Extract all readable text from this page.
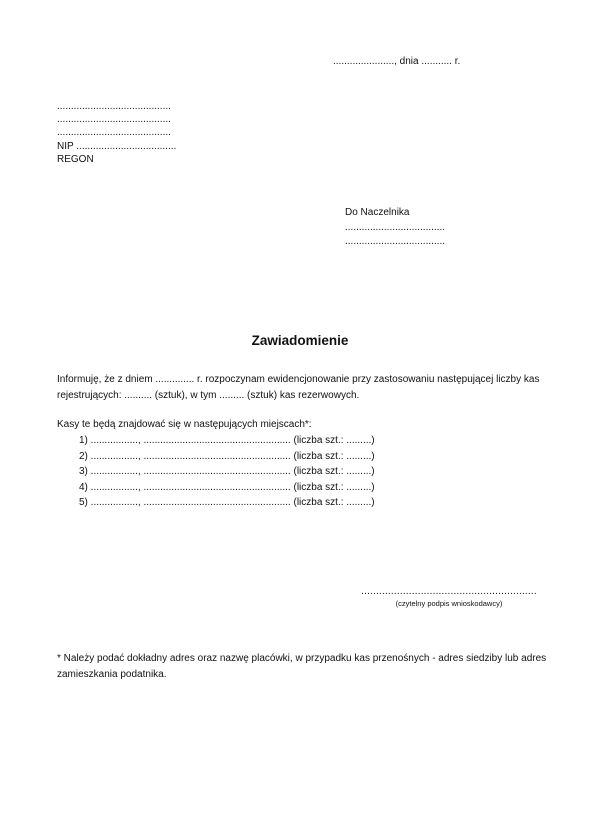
......................, dnia ........... r.
.........................................
.........................................
.........................................
NIP ....................................
REGON
Do Naczelnika
....................................
....................................
Zawiadomienie
Informuję, że z dniem .............. r. rozpoczynam ewidencjonowanie przy zastosowaniu następującej liczby kas
rejestrujących: .......... (sztuk), w tym ......... (sztuk) kas rezerwowych.
Kasy te będą znajdować się w następujących miejscach*:
1) ................., ..................................................... (liczba szt.: .........)
2) ................., ..................................................... (liczba szt.: .........)
3) ................., ..................................................... (liczba szt.: .........)
4) ................., ..................................................... (liczba szt.: .........)
5) ................., ..................................................... (liczba szt.: .........)
...........................................................
(czytelny podpis wnioskodawcy)
* Należy podać dokładny adres oraz nazwę placówki, w przypadku kas przenośnych - adres siedziby lub adres
zamieszkania podatnika.
